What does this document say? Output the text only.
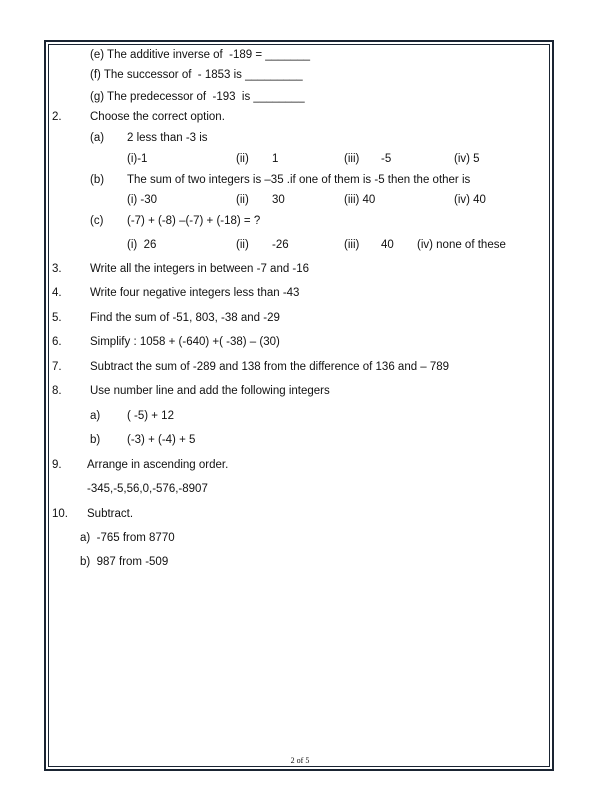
(e) The additive inverse of  -189 = _______
(f) The successor of  - 1853 is _________
(g) The predecessor of  -193  is ________
2. Choose the correct option.
(a) 2 less than -3 is
(i)-1	(ii) 1	(iii) -5	(iv) 5
(b) The sum of two integers is –35 .if one of them is -5 then the other is
(i) -30	(ii) 30	(iii) 40	(iv) 40
(c) (-7) + (-8) –(-7) + (-18) = ?
(i)  26	(ii) -26	(iii) 40 (iv) none of these
3. Write all the integers in between -7 and -16
4. Write four negative integers less than -43
5. Find the sum of -51, 803, -38 and -29
6. Simplify : 1058 + (-640) +( -38) – (30)
7. Subtract the sum of -289 and 138 from the difference of 136 and – 789
8. Use number line and add the following integers
a) ( -5) + 12
b) (-3) + (-4) + 5
9. Arrange in ascending order.
-345,-5,56,0,-576,-8907
10. Subtract.
a)  -765 from 8770
b)  987 from -509
2 of 5
